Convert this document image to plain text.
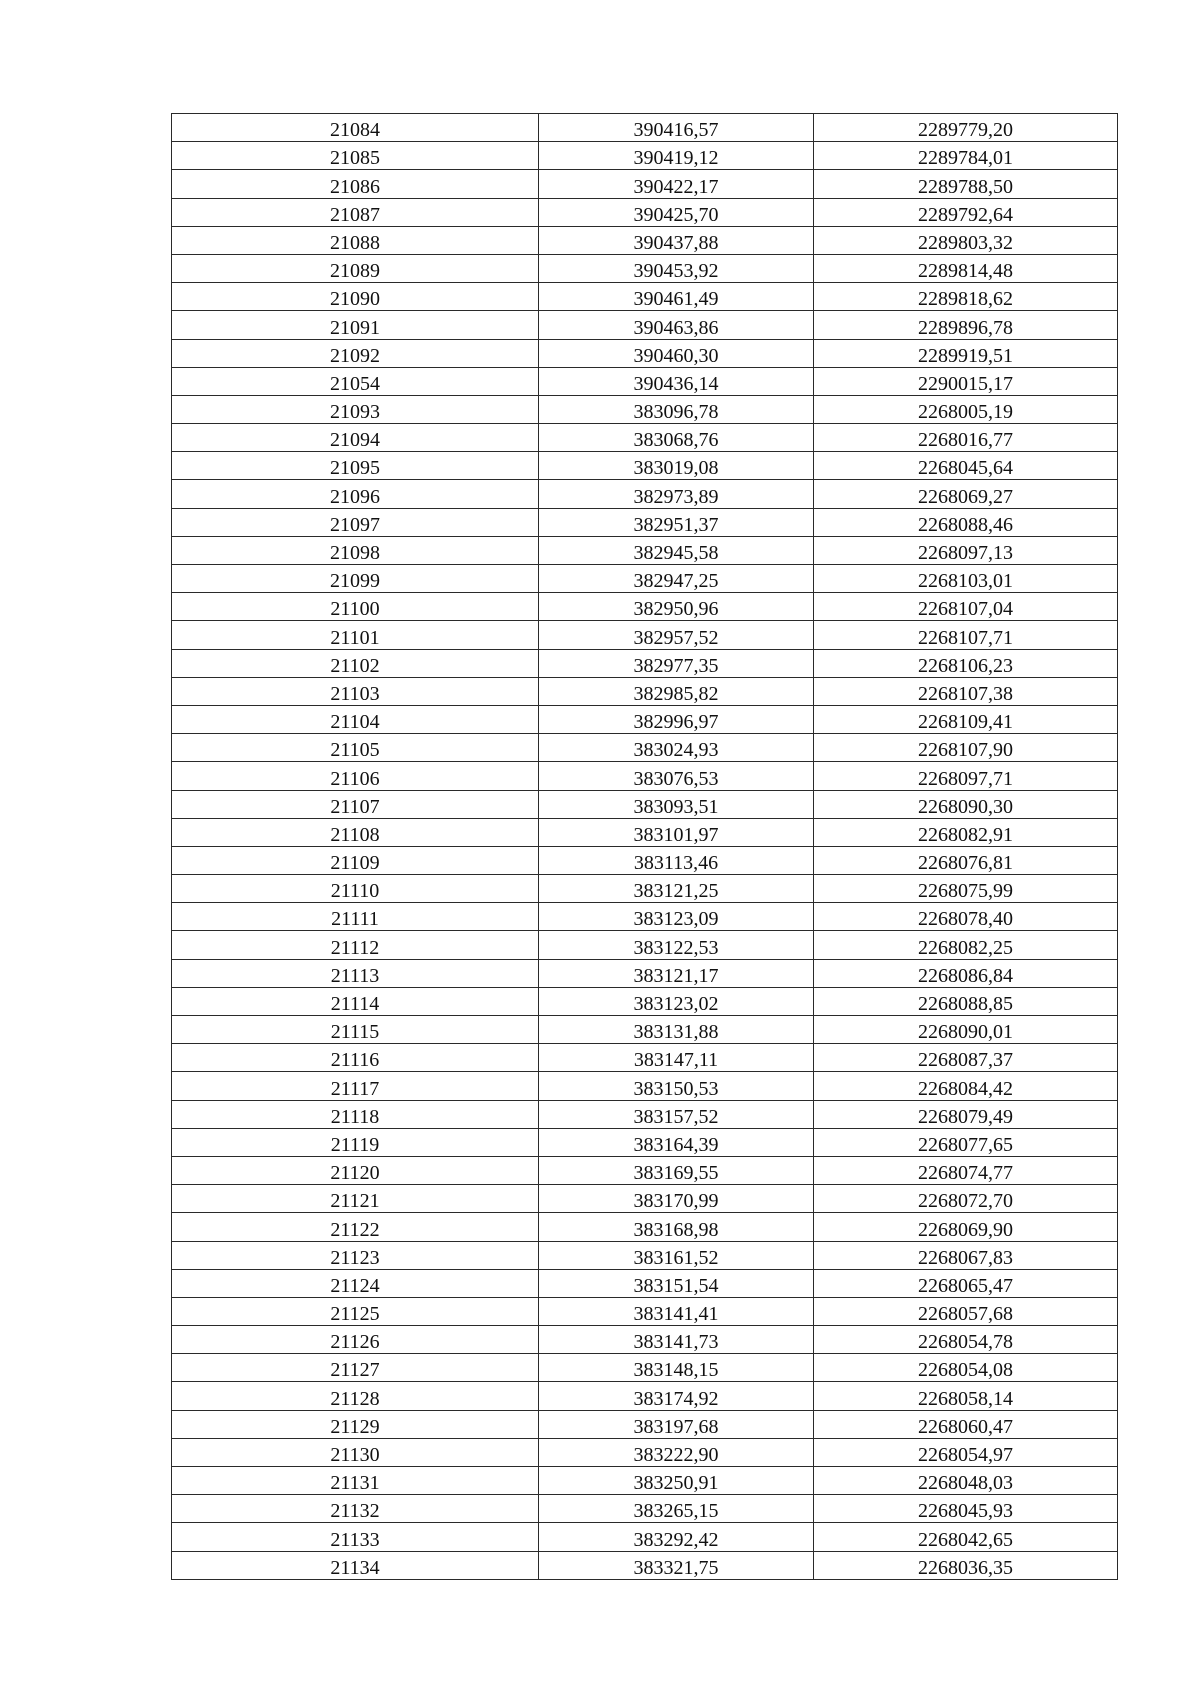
21084	390416,57	2289779,20
21085	390419,12	2289784,01
21086	390422,17	2289788,50
21087	390425,70	2289792,64
21088	390437,88	2289803,32
21089	390453,92	2289814,48
21090	390461,49	2289818,62
21091	390463,86	2289896,78
21092	390460,30	2289919,51
21054	390436,14	2290015,17
21093	383096,78	2268005,19
21094	383068,76	2268016,77
21095	383019,08	2268045,64
21096	382973,89	2268069,27
21097	382951,37	2268088,46
21098	382945,58	2268097,13
21099	382947,25	2268103,01
21100	382950,96	2268107,04
21101	382957,52	2268107,71
21102	382977,35	2268106,23
21103	382985,82	2268107,38
21104	382996,97	2268109,41
21105	383024,93	2268107,90
21106	383076,53	2268097,71
21107	383093,51	2268090,30
21108	383101,97	2268082,91
21109	383113,46	2268076,81
21110	383121,25	2268075,99
21111	383123,09	2268078,40
21112	383122,53	2268082,25
21113	383121,17	2268086,84
21114	383123,02	2268088,85
21115	383131,88	2268090,01
21116	383147,11	2268087,37
21117	383150,53	2268084,42
21118	383157,52	2268079,49
21119	383164,39	2268077,65
21120	383169,55	2268074,77
21121	383170,99	2268072,70
21122	383168,98	2268069,90
21123	383161,52	2268067,83
21124	383151,54	2268065,47
21125	383141,41	2268057,68
21126	383141,73	2268054,78
21127	383148,15	2268054,08
21128	383174,92	2268058,14
21129	383197,68	2268060,47
21130	383222,90	2268054,97
21131	383250,91	2268048,03
21132	383265,15	2268045,93
21133	383292,42	2268042,65
21134	383321,75	2268036,35
